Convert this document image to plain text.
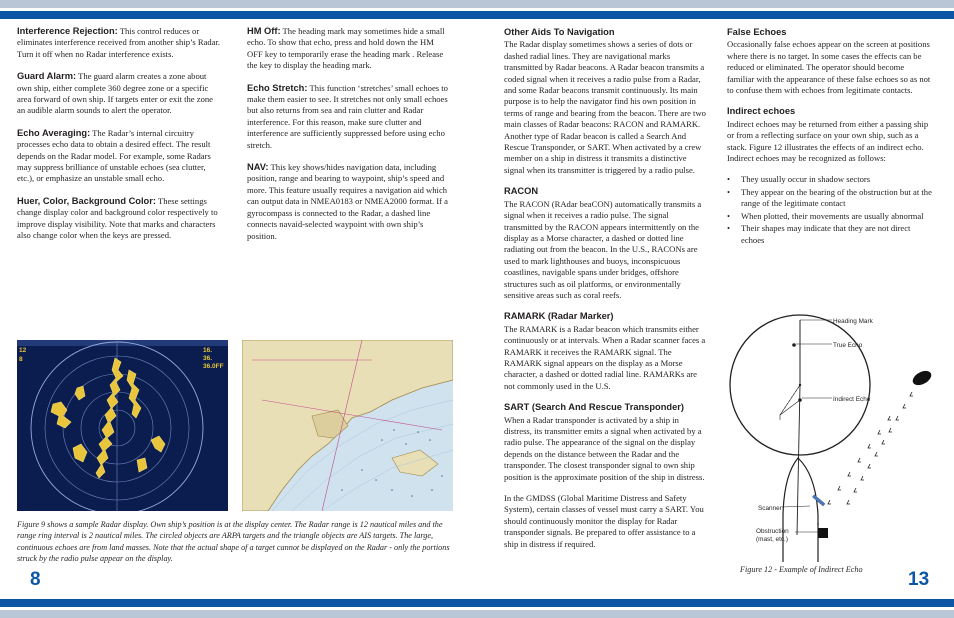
Interference Rejection: This control reduces or eliminates interference received from another ship’s Radar. Turn it off when no Radar interference exists.

Guard Alarm: The guard alarm creates a zone about own ship, either complete 360 degree zone or a specific area forward of own ship. If targets enter or exit the zone an audible alarm sounds to alert the operator.

Echo Averaging: The Radar’s internal circuitry processes echo data to obtain a desired effect. The result depends on the Radar model. For example, some Radars may suppress brilliance of unstable echoes (sea clutter, etc.), or emphasize an unstable small echo.

Huer, Color, Background Color: These settings change display color and background color respectively to improve display visibility. Note that marks and characters also change color when the keys are pressed.

HM Off: The heading mark may sometimes hide a small echo. To show that echo, press and hold down the HM OFF key to temporarily erase the heading mark . Release the key to display the heading mark.

Echo Stretch: This function ‘stretches’ small echoes to make them easier to see. It stretches not only small echoes but also returns from sea and rain clutter and Radar interference. For this reason, make sure clutter and interference are sufficiently suppressed before using echo stretch.

NAV: This key shows/hides navigation data, including position, range and bearing to waypoint, ship’s speed and more. This feature usually requires a navigation aid which can output data in NMEA0183 or NMEA2000 format. If a gyrocompass is connected to the Radar, a dashed line connects navaid-selected waypoint with own ship’s position.

12
8
16.
36.
36.0FF
Figure 9 shows a sample Radar display. Own ship’s position is at the display center. The Radar range is 12 nautical miles and the range ring interval is 2 nautical miles. The circled objects are ARPA targets and the triangle objects are AIS targets. The large, continuous echoes are from land masses. Note that the actual shape of a target cannot be displayed on the Radar - only the portions struck by the radio pulse appear on the display.
Other Aids To Navigation

The Radar display sometimes shows a series of dots or dashed radial lines. They are navigational marks transmitted by Radar beacons. A Radar beacon transmits a coded signal when it receives a radio pulse from a Radar, and some Radar beacons transmit continuously. Its main purpose is to help the navigator find his own position in terms of range and bearing from the beacon. There are two main classes of Radar beacons: RACON and RAMARK. Another type of Radar beacon is called a Search And Rescue Transponder, or SART. When activated by a crew member on a ship in distress it transmits a distinctive signal when its transmitter is triggered by a radio pulse.

RACON

The RACON (RAdar beaCON) automatically transmits a signal when it receives a radio pulse. The signal transmitted by the RACON appears intermittently on the display as a Morse character, a dashed or dotted line radiating out from the beacon. In the U.S., RACONs are used to mark lighthouses and buoys, inconspicuous coastlines, navigable spans under bridges, offshore structures such as oil platforms, or environmentally sensitive areas such as coral reefs.

RAMARK (Radar Marker)

The RAMARK is a Radar beacon which transmits either continuously or at intervals. When a Radar scanner faces a RAMARK it receives the RAMARK signal. The RAMARK signal appears on the display as a Morse character, a dashed or dotted radial line. RAMARKs are not commonly used in the U.S.

SART (Search And Rescue Transponder)

When a Radar transponder is activated by a ship in distress, its transmitter emits a signal when activated by a radio pulse. The appearance of the signal on the display depends on the distance between the Radar and the transponder. The closest transponder signal to own ship position is the approximate position of the ship in distress.

In the GMDSS (Global Maritime Distress and Safety System), certain classes of vessel must carry a SART. You should continuously monitor the display for Radar transponder signals. Be prepared to offer assistance to a ship in distress if required.

False Echoes

Occasionally false echoes appear on the screen at positions where there is no target. In some cases the effects can be reduced or eliminated. The operator should become familiar with the appearance of these false echoes so as not to confuse them with echoes from legitimate contacts.

Indirect echoes

Indirect echoes may be returned from either a passing ship or from a reflecting surface on your own ship, such as a stack. Figure 12 illustrates the effects of an indirect echo. Indirect echoes may be recognized as follows:

• They usually occur in shadow sectors
• They appear on the bearing of the obstruction but at the range of the legitimate contact
• When plotted, their movements are usually abnormal
• Their shapes may indicate that they are not direct echoes
Heading Mark
True Echo
Indirect Echo
Scanner
^
Obstruction
(mast, etc.)
Figure 12 - Example of Indirect Echo
8	13
